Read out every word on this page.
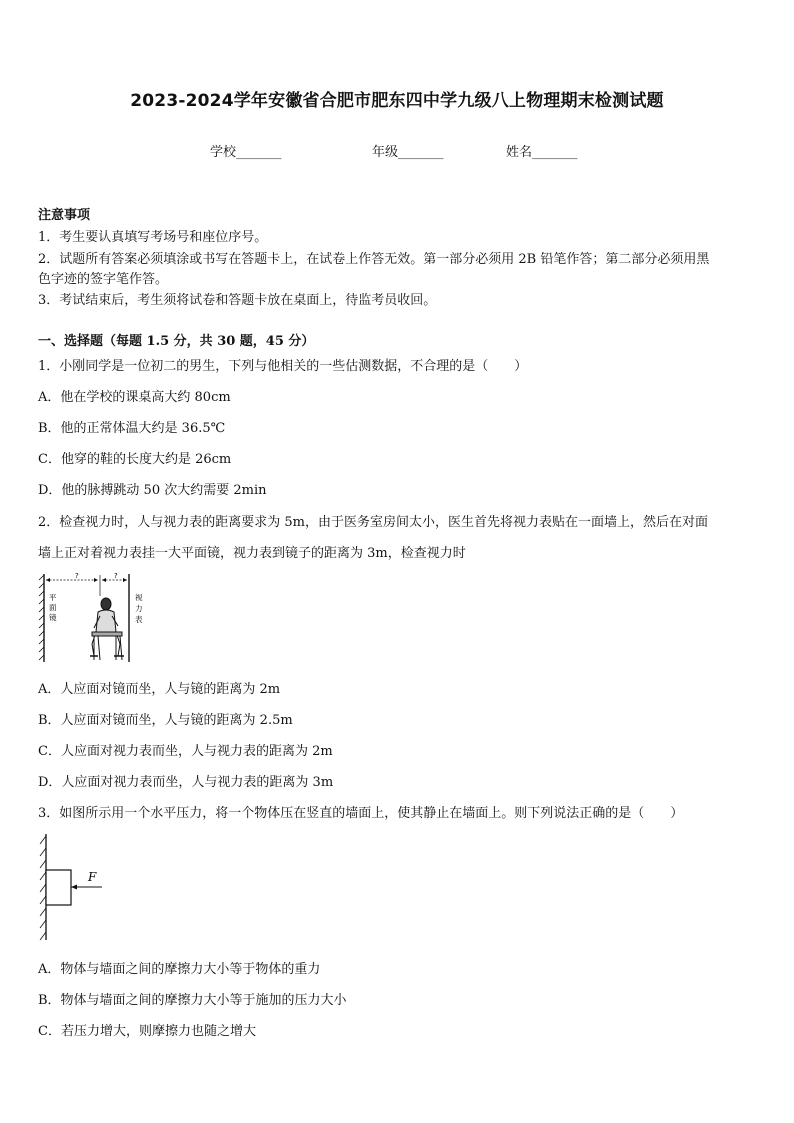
2023-2024学年安徽省合肥市肥东四中学九级八上物理期末检测试题
学校_______	年级_______	姓名_______
注意事项
1．考生要认真填写考场号和座位序号。
2．试题所有答案必须填涂或书写在答题卡上，在试卷上作答无效。第一部分必须用 2B 铅笔作答；第二部分必须用黑
色字迹的签字笔作答。
3．考试结束后，考生须将试卷和答题卡放在桌面上，待监考员收回。
一、选择题（每题 1.5 分，共 30 题，45 分）
1．小刚同学是一位初二的男生，下列与他相关的一些估测数据，不合理的是（　　）
A．他在学校的课桌高大约 80cm
B．他的正常体温大约是 36.5℃
C．他穿的鞋的长度大约是 26cm
D．他的脉搏跳动 50 次大约需要 2min
2．检查视力时，人与视力表的距离要求为 5m，由于医务室房间太小，医生首先将视力表贴在一面墙上，然后在对面
墙上正对着视力表挂一大平面镜，视力表到镜子的距离为 3m，检查视力时
?	?
平
面
镜
视
力
表
A．人应面对镜而坐，人与镜的距离为 2m
B．人应面对镜而坐，人与镜的距离为 2.5m
C．人应面对视力表而坐，人与视力表的距离为 2m
D．人应面对视力表而坐，人与视力表的距离为 3m
3．如图所示用一个水平压力，将一个物体压在竖直的墙面上，使其静止在墙面上。则下列说法正确的是（　　）
F
A．物体与墙面之间的摩擦力大小等于物体的重力
B．物体与墙面之间的摩擦力大小等于施加的压力大小
C．若压力增大，则摩擦力也随之增大
